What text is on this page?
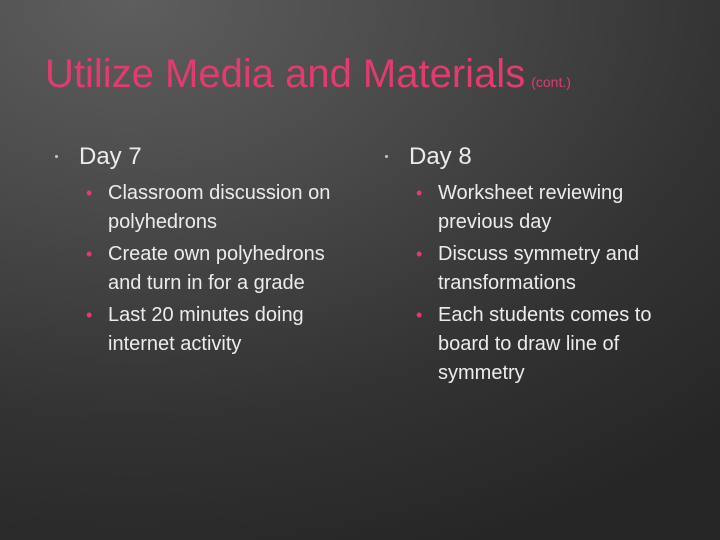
Utilize Media and Materials (cont.)
Day 7
• Classroom discussion on polyhedrons
• Create own polyhedrons and turn in for a grade
• Last 20 minutes doing internet activity
Day 8
• Worksheet reviewing previous day
• Discuss symmetry and transformations
• Each students comes to board to draw line of symmetry
